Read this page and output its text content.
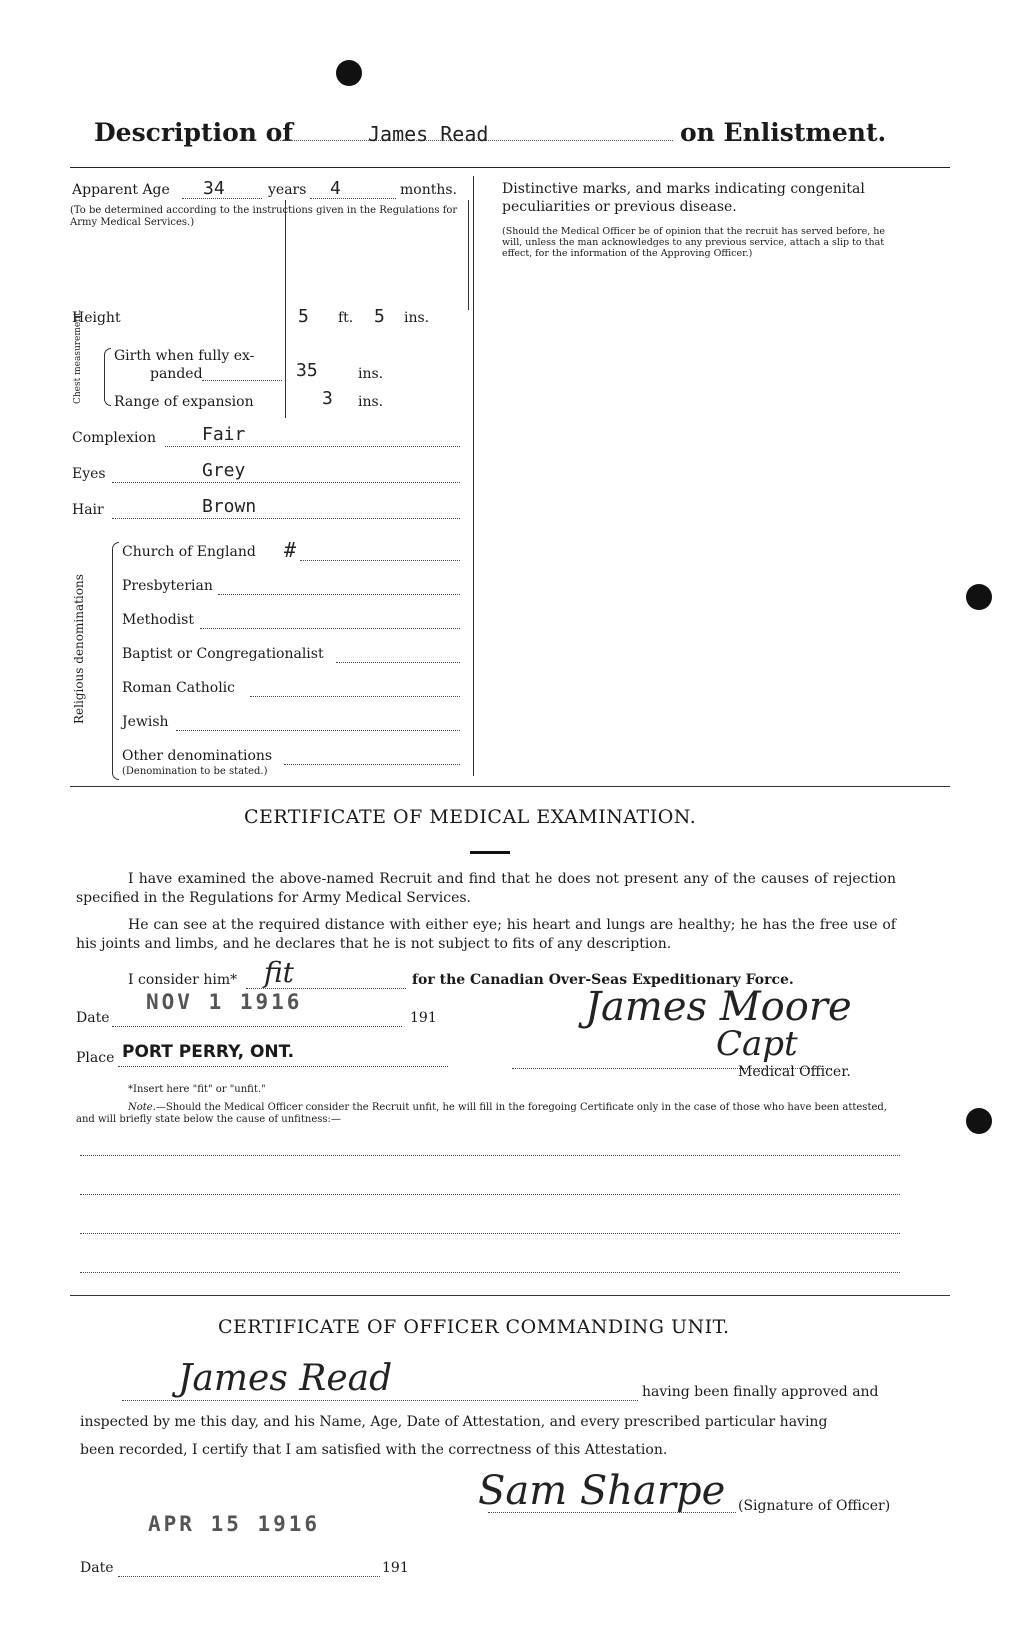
Description of	James Read	on Enlistment.
Apparent Age 34	years 4	months.
(To be determined according to the instructions given in the Regulations for Army Medical Services.)
Height	5 ft. 5 ins.
Chest measurement. Girth when fully ex-
panded	35	ins.
Range of expansion	3 ins.
Complexion	Fair
Eyes	Grey
Hair	Brown
Religious denominations
Church of England #
Presbyterian
Methodist
Baptist or Congregationalist
Roman Catholic
Jewish
Other denominations
(Denomination to be stated.)
Distinctive marks, and marks indicating congenital peculiarities or previous disease.
(Should the Medical Officer be of opinion that the recruit has served before, he will, unless the man acknowledges to any previous service, attach a slip to that effect, for the information of the Approving Officer.)
CERTIFICATE OF MEDICAL EXAMINATION.
I have examined the above-named Recruit and find that he does not present any of the causes of rejection specified in the Regulations for Army Medical Services.
He can see at the required distance with either eye; his heart and lungs are healthy; he has the free use of his joints and limbs, and he declares that he is not subject to fits of any description.
I consider him* fit	for the Canadian Over-Seas Expeditionary Force.
Date
NOV 1 1916
191
Place PORT PERRY, ONT.
James Moore
Capt
Medical Officer.
*Insert here "fit" or "unfit."
Note.—Should the Medical Officer consider the Recruit unfit, he will fill in the foregoing Certificate only in the case of those who have been attested, and will briefly state below the cause of unfitness:—
CERTIFICATE OF OFFICER COMMANDING UNIT.
James Read	having been finally approved and
inspected by me this day, and his Name, Age, Date of Attestation, and every prescribed particular having
been recorded, I certify that I am satisfied with the correctness of this Attestation.
Sam Sharpe (Signature of Officer)
APR 15 1916
Date	191
